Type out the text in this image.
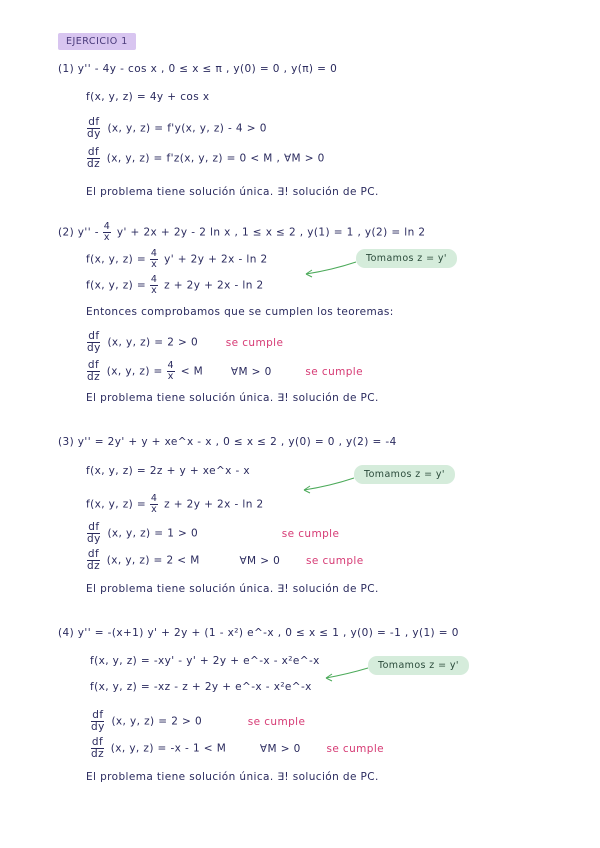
EJERCICIO 1
(1) y'' - 4y - cos x , 0 ≤ x ≤ π , y(0) = 0 , y(π) = 0
f(x, y, z) = 4y + cos x
$\frac{df}{dy} (x$, y, z) = f'y(x, y, z) - 4 > 0
$\frac{df}{dz} (x$, y, z) = f'z(x, y, z) = 0 < M , ∀M > 0
El problema tiene solución única. ∃! solución de PC.
(2) $y'' - \frac{4}{x} y' + 2x + 2y - 2$ ln x , 1 ≤ x ≤ 2 , y(1) = 1 , y(2) = ln 2
f(x, y, $z) = \frac{4}{x} y' + 2y + 2x - \ln 2$
f(x, y, $z) = \frac{4}{x}$ z + 2y + 2x - ln 2
Tomamos z = y'
Entonces comprobamos que se cumplen los teoremas:
$\frac{df}{dy} (x$, y, z) = 2 > 0	se cumple
$\frac{df}{dz} (x$, y, $z) = \frac{4}{x} < M$	∀M > 0	se cumple
El problema tiene solución única. ∃! solución de PC.
(3) y'' = 2y' + y + xe^x - x , 0 ≤ x ≤ 2 , y(0) = 0 , y(2) = -4
f(x, y, z) = 2z + y + xe^x - x
f(x, y, $z) = \frac{4}{x}$ z + 2y + 2x - ln 2
Tomamos z = y'
$\frac{df}{dy} (x$, y, z) = 1 > 0	se cumple
$\frac{df}{dz} (x$, y, z) = 2 < M	∀M > 0 se cumple
El problema tiene solución única. ∃! solución de PC.
(4) y'' = -(x+1) y' + 2y + (1 - x²) e^-x , 0 ≤ x ≤ 1 , y(0) = -1 , y(1) = 0
f(x, y, z) = -xy' - y' + 2y + e^-x - x²e^-x
f(x, y, z) = -xz - z + 2y + e^-x - x²e^-x
Tomamos z = y'
$\frac{df}{dy} (x$, y, z) = 2 > 0	se cumple
$\frac{df}{dz} (x$, y, z) = -x - 1 < M	∀M > 0 se cumple
El problema tiene solución única. ∃! solución de PC.
